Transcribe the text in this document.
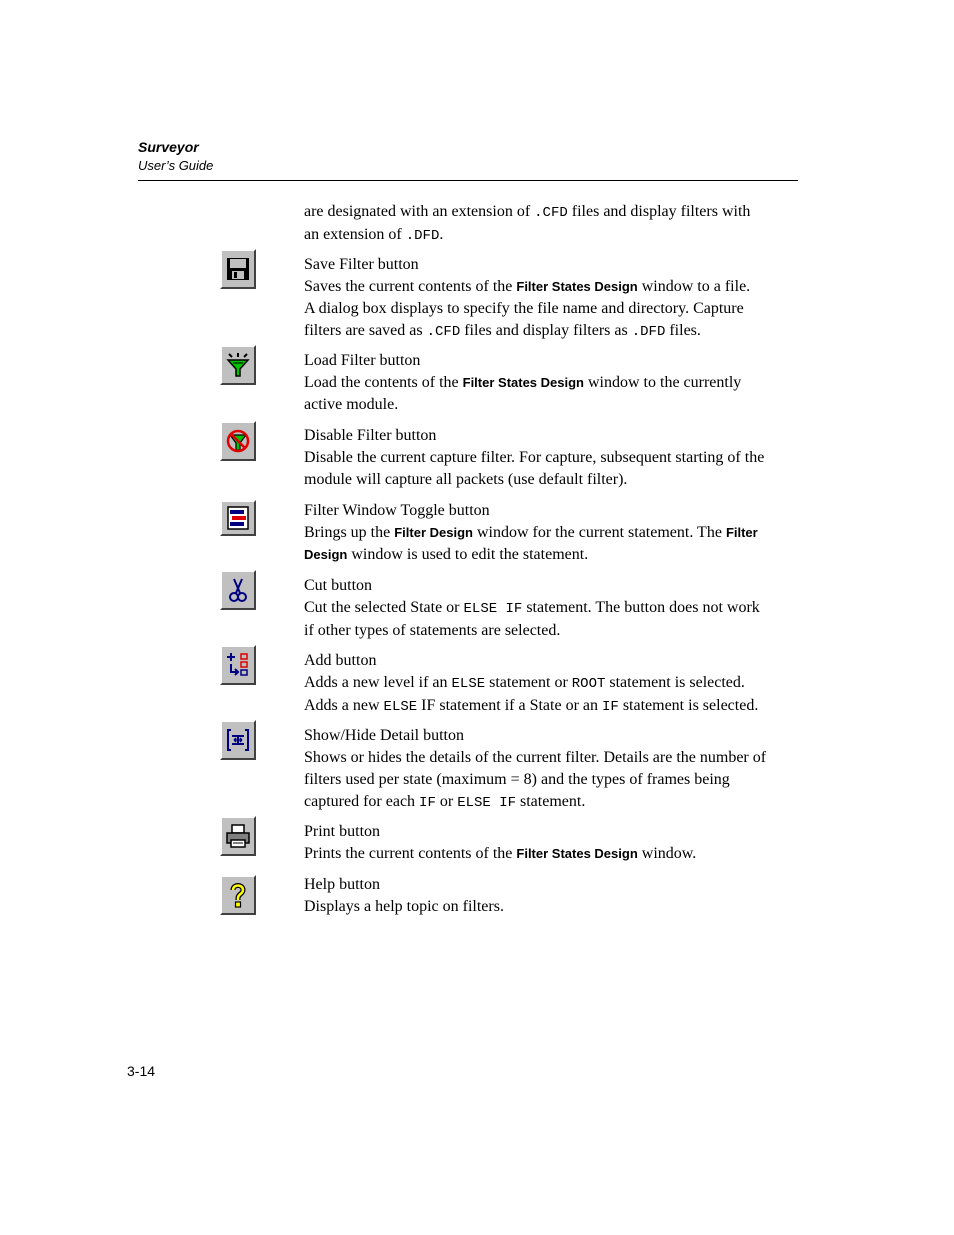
Surveyor
User’s Guide
are designated with an extension of .CFD files and display filters with
an extension of .DFD.
Save Filter button
Saves the current contents of the Filter States Design window to a file.
A dialog box displays to specify the file name and directory. Capture
filters are saved as .CFD files and display filters as .DFD files.
Load Filter button
Load the contents of the Filter States Design window to the currently
active module.
Disable Filter button
Disable the current capture filter. For capture, subsequent starting of the
module will capture all packets (use default filter).
Filter Window Toggle button
Brings up the Filter Design window for the current statement. The Filter
Design window is used to edit the statement.
Cut button
Cut the selected State or ELSE IF statement. The button does not work
if other types of statements are selected.
Add button
Adds a new level if an ELSE statement or ROOT statement is selected.
Adds a new ELSE IF statement if a State or an IF statement is selected.
Show/Hide Detail button
Shows or hides the details of the current filter. Details are the number of
filters used per state (maximum = 8) and the types of frames being
captured for each IF or ELSE IF statement.
Print button
Prints the current contents of the Filter States Design window.
Help button
Displays a help topic on filters.
3-14
